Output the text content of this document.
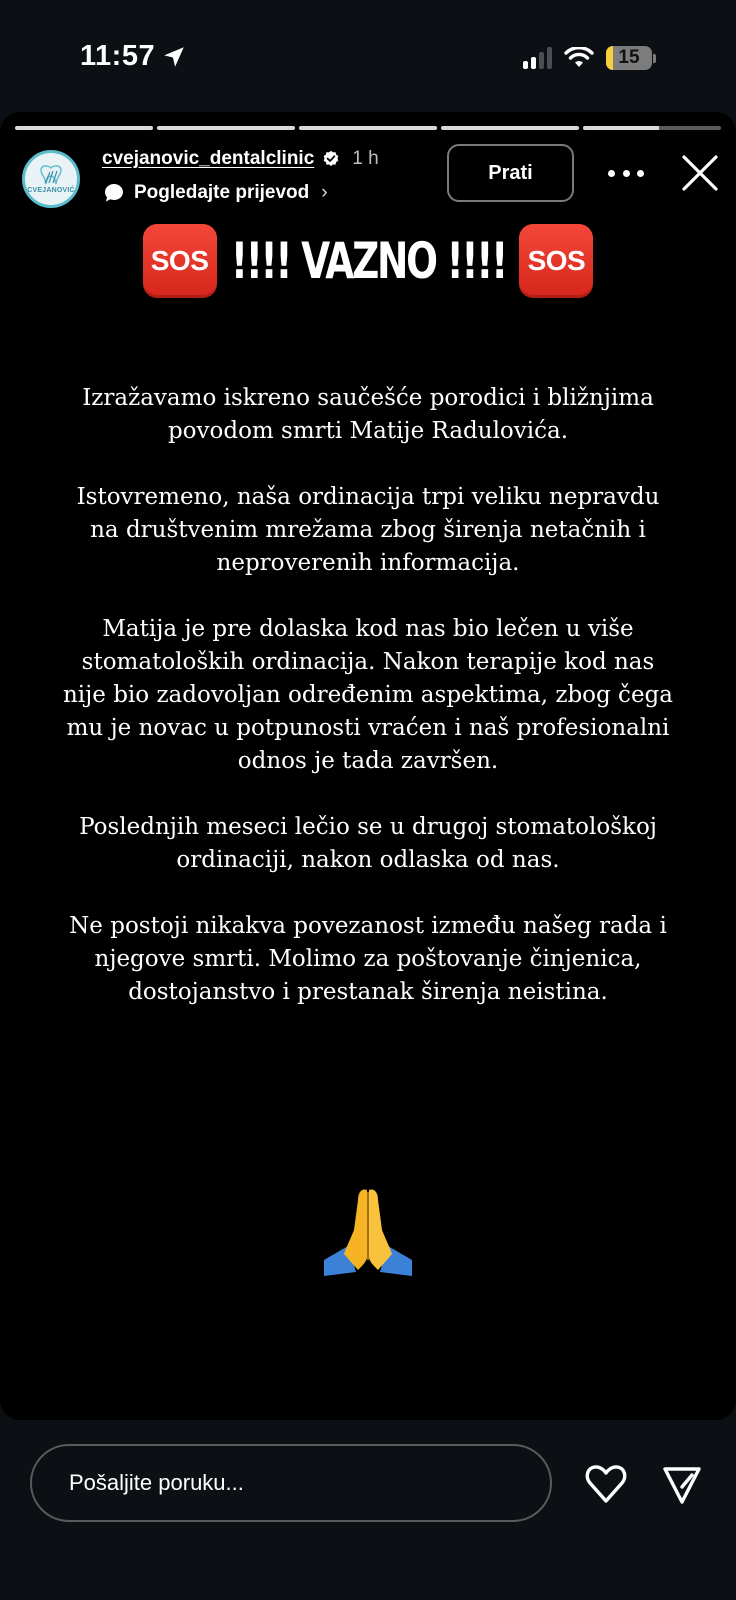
11:57	15
CVEJANOVIĆ
cvejanovic_dentalclinic 1 h
Pogledajte prijevod ›
Prati
SOS !!!! VAZNO !!!! SOS

Izražavamo iskreno saučešće porodici i bližnjima povodom smrti Matije Radulovića.

Istovremeno, naša ordinacija trpi veliku nepravdu na društvenim mrežama zbog širenja netačnih i neproverenih informacija.

Matija je pre dolaska kod nas bio lečen u više stomatoloških ordinacija. Nakon terapije kod nas nije bio zadovoljan određenim aspektima, zbog čega mu je novac u potpunosti vraćen i naš profesionalni odnos je tada završen.

Poslednjih meseci lečio se u drugoj stomatološkoj ordinaciji, nakon odlaska od nas.

Ne postoji nikakva povezanost između našeg rada i njegove smrti. Molimo za poštovanje činjenica, dostojanstvo i prestanak širenja neistina.

Pošaljite poruku...
